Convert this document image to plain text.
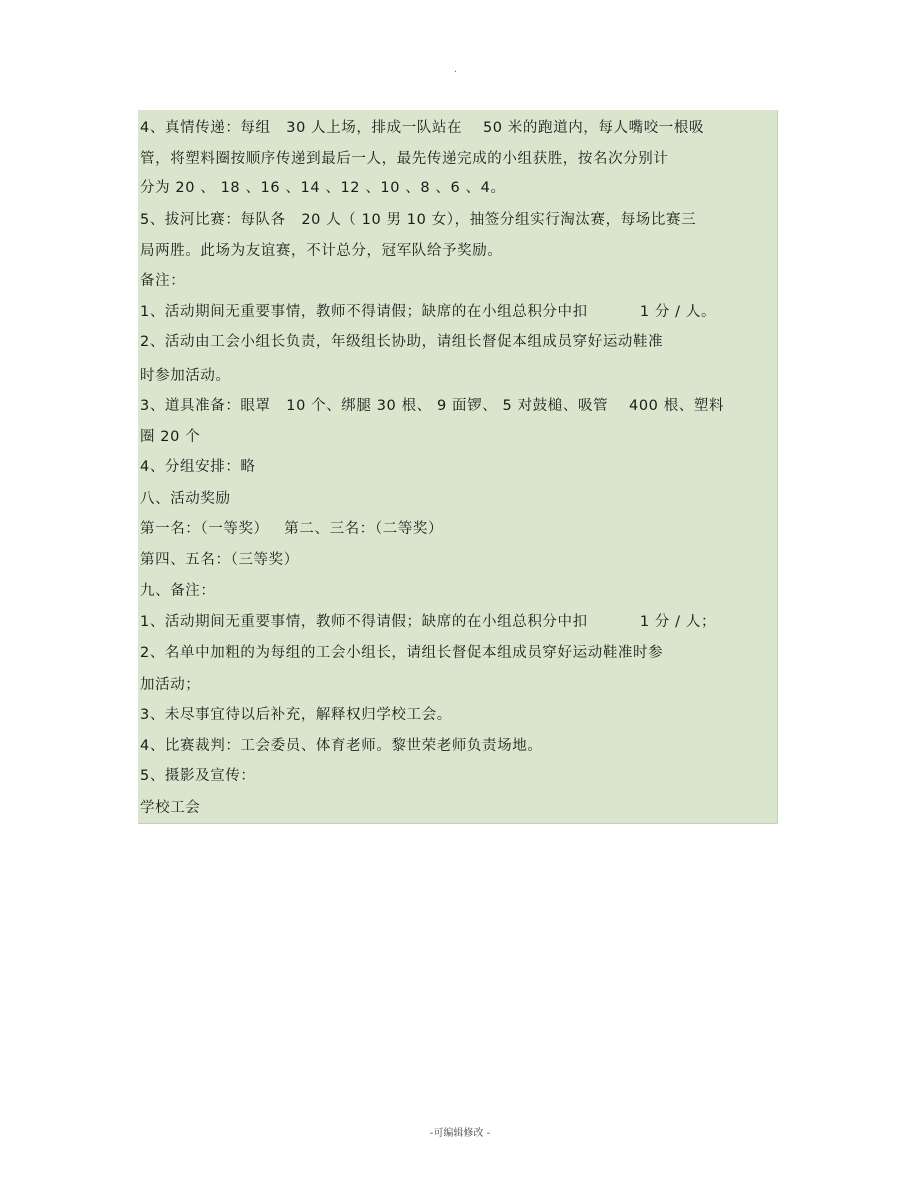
.
4、真情传递：每组   30 人上场，排成一队站在    50 米的跑道内，每人嘴咬一根吸
管，将塑料圈按顺序传递到最后一人，最先传递完成的小组获胜，按名次分别计
分为 20 、 18 、16 、14 、12 、10 、8 、6 、4。
5、拔河比赛：每队各   20 人（ 10 男 10 女），抽签分组实行淘汰赛，每场比赛三
局两胜。此场为友谊赛，不计总分，冠军队给予奖励。
备注：
1、活动期间无重要事情，教师不得请假；缺席的在小组总积分中扣          1 分 / 人。
2、活动由工会小组长负责，年级组长协助，请组长督促本组成员穿好运动鞋准
时参加活动。
3、道具准备：眼罩   10 个、绑腿 30 根、 9 面锣、 5 对鼓槌、吸管    400 根、塑料
圈 20 个
4、分组安排：略
八、活动奖励
第一名：（一等奖）   第二、三名：（二等奖）
第四、五名：（三等奖）
九、备注：
1、活动期间无重要事情，教师不得请假；缺席的在小组总积分中扣          1 分 / 人；
2、名单中加粗的为每组的工会小组长，请组长督促本组成员穿好运动鞋准时参
加活动；
3、未尽事宜待以后补充，解释权归学校工会。
4、比赛裁判：工会委员、体育老师。黎世荣老师负责场地。
5、摄影及宣传：
学校工会
-可编辑修改 -
